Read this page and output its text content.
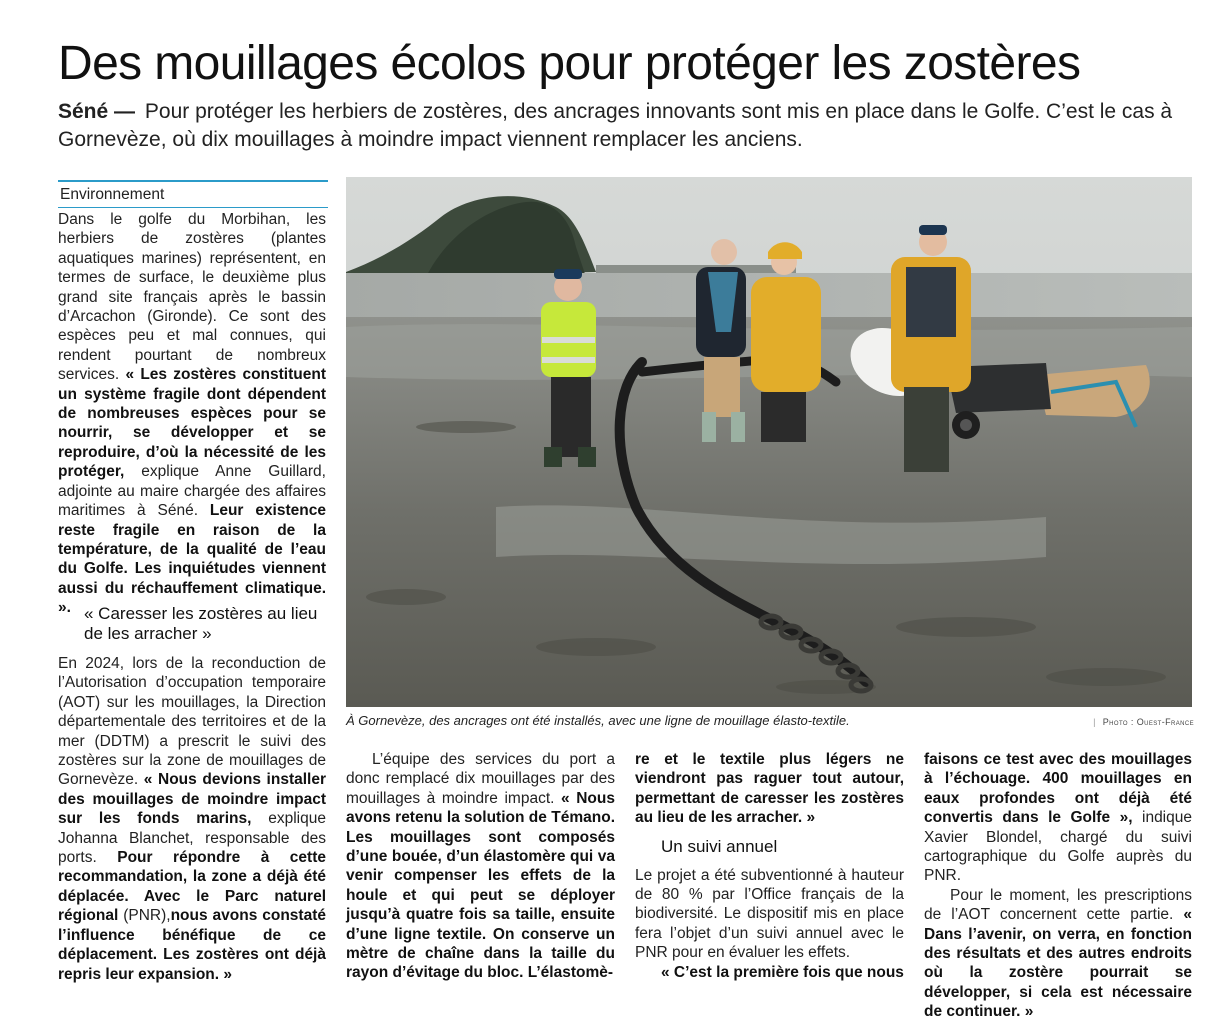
Des mouillages écolos pour protéger les zostères
Séné — Pour protéger les herbiers de zostères, des ancrages innovants sont mis en place dans le Golfe. C’est le cas à Gornevèze, où dix mouillages à moindre impact viennent remplacer les anciens.
Environnement

Dans le golfe du Morbihan, les herbiers de zostères (plantes aquatiques marines) représentent, en termes de surface, le deuxième plus grand site français après le bassin d’Arcachon (Gironde). Ce sont des espèces peu et mal connues, qui rendent pourtant de nombreux services. « Les zostères constituent un système fragile dont dépendent de nombreuses espèces pour se nourrir, se développer et se reproduire, d’où la nécessité de les protéger, explique Anne Guillard, adjointe au maire chargée des affaires maritimes à Séné. Leur existence reste fragile en raison de la température, de la qualité de l’eau du Golfe. Les inquiétudes viennent aussi du réchauffement climatique. ». « Caresser les zostères au lieu de les arracher »

En 2024, lors de la reconduction de l’Autorisation d’occupation temporaire (AOT) sur les mouillages, la Direction départementale des territoires et de la mer (DDTM) a prescrit le suivi des zostères sur la zone de mouillages de Gornevèze. « Nous devions installer des mouillages de moindre impact sur les fonds marins, explique Johanna Blanchet, responsable des ports. Pour répondre à cette recommandation, la zone a déjà été déplacée. Avec le Parc naturel régional (PNR),nous avons constaté l’influence bénéfique de ce déplacement. Les zostères ont déjà repris leur expansion. »

À Gornevèze, des ancrages ont été installés, avec une ligne de mouillage élasto-textile.	| Photo : Ouest-France

L’équipe des services du port a donc remplacé dix mouillages par des mouillages à moindre impact. « Nous avons retenu la solution de Témano. Les mouillages sont composés d’une bouée, d’un élastomère qui va venir compenser les effets de la houle et qui peut se déployer jusqu’à quatre fois sa taille, ensuite d’une ligne textile. On conserve un mètre de chaîne dans la taille du rayon d’évitage du bloc. L’élastomè-

re et le textile plus légers ne viendront pas raguer tout autour, permettant de caresser les zostères au lieu de les arracher. »

Un suivi annuel

Le projet a été subventionné à hauteur de 80 % par l’Office français de la biodiversité. Le dispositif mis en place fera l’objet d’un suivi annuel avec le PNR pour en évaluer les effets.

« C’est la première fois que nous

faisons ce test avec des mouillages à l’échouage. 400 mouillages en eaux profondes ont déjà été convertis dans le Golfe », indique Xavier Blondel, chargé du suivi cartographique du Golfe auprès du PNR.

Pour le moment, les prescriptions de l’AOT concernent cette partie. « Dans l’avenir, on verra, en fonction des résultats et des autres endroits où la zostère pourrait se développer, si cela est nécessaire de continuer. »
